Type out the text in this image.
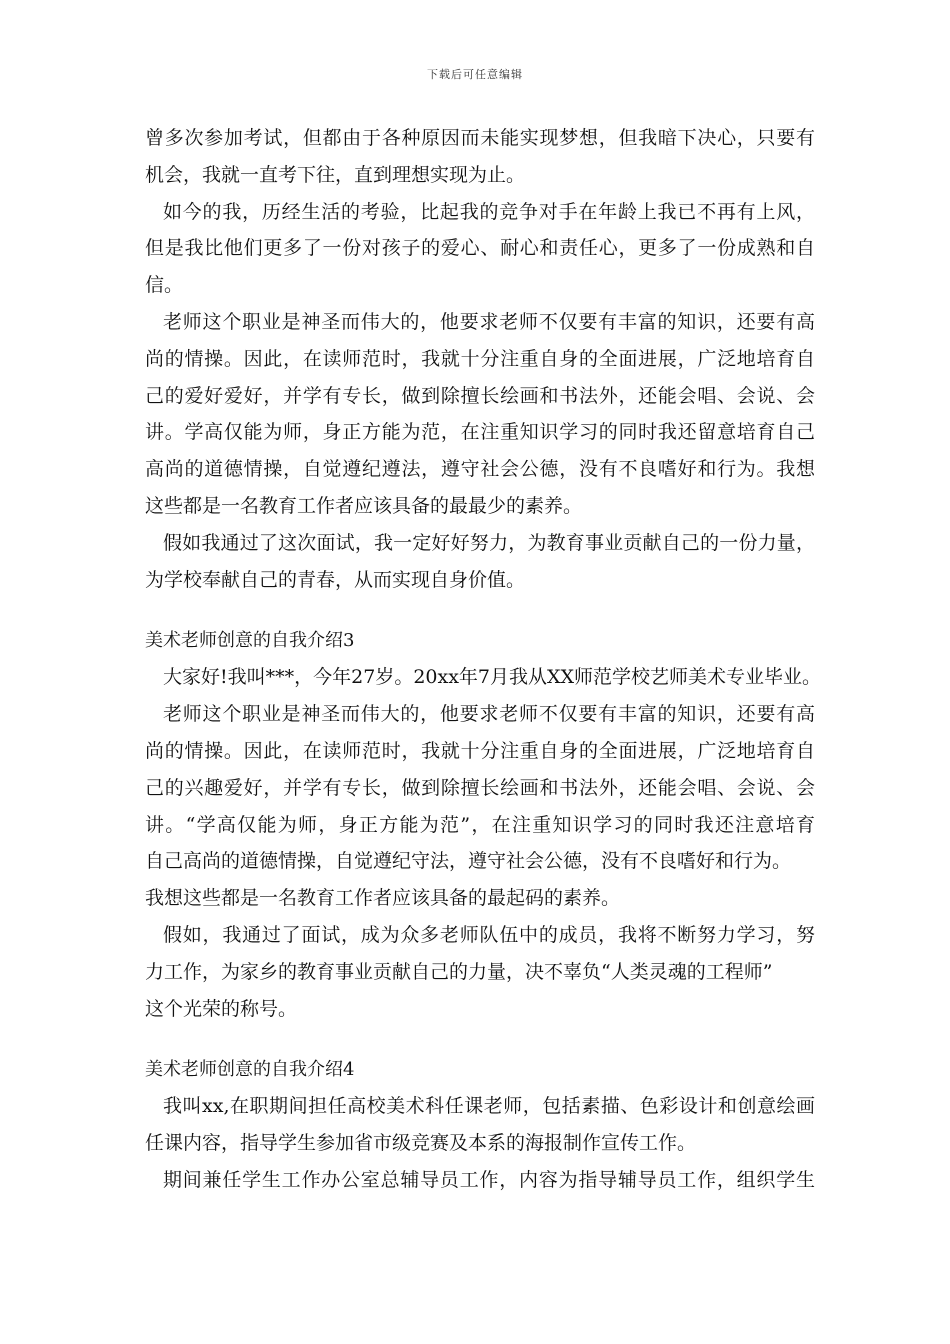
下载后可任意编辑
曾多次参加考试，但都由于各种原因而未能实现梦想，但我暗下决心，只要有
机会，我就一直考下往，直到理想实现为止。
如今的我，历经生活的考验，比起我的竞争对手在年龄上我已不再有上风，
但是我比他们更多了一份对孩子的爱心、耐心和责任心，更多了一份成熟和自
信。
老师这个职业是神圣而伟大的，他要求老师不仅要有丰富的知识，还要有高
尚的情操。因此，在读师范时，我就十分注重自身的全面进展，广泛地培育自
己的爱好爱好，并学有专长，做到除擅长绘画和书法外，还能会唱、会说、会
讲。学高仅能为师，身正方能为范，在注重知识学习的同时我还留意培育自己
高尚的道德情操，自觉遵纪遵法，遵守社会公德，没有不良嗜好和行为。我想
这些都是一名教育工作者应该具备的最最少的素养。
假如我通过了这次面试，我一定好好努力，为教育事业贡献自己的一份力量，
为学校奉献自己的青春，从而实现自身价值。
美术老师创意的自我介绍3
大家好!我叫***，今年27岁。20xx年7月我从XX师范学校艺师美术专业毕业。
老师这个职业是神圣而伟大的，他要求老师不仅要有丰富的知识，还要有高
尚的情操。因此，在读师范时，我就十分注重自身的全面进展，广泛地培育自
己的兴趣爱好，并学有专长，做到除擅长绘画和书法外，还能会唱、会说、会
讲。“学高仅能为师，身正方能为范”，在注重知识学习的同时我还注意培育
自己高尚的道德情操，自觉遵纪守法，遵守社会公德，没有不良嗜好和行为。
我想这些都是一名教育工作者应该具备的最起码的素养。
假如，我通过了面试，成为众多老师队伍中的成员，我将不断努力学习，努
力工作，为家乡的教育事业贡献自己的力量，决不辜负“人类灵魂的工程师”
这个光荣的称号。
美术老师创意的自我介绍4
我叫xx,在职期间担任高校美术科任课老师，包括素描、色彩设计和创意绘画
任课内容，指导学生参加省市级竞赛及本系的海报制作宣传工作。
期间兼任学生工作办公室总辅导员工作，内容为指导辅导员工作，组织学生
